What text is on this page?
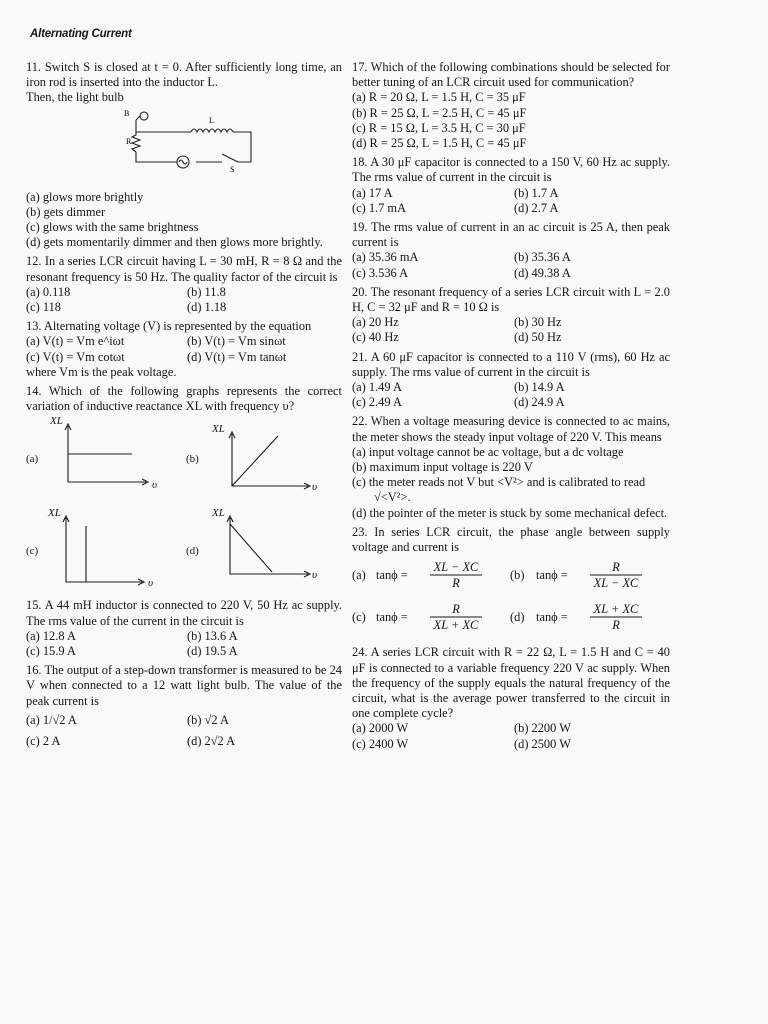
Alternating Current
11. Switch S is closed at t = 0. After sufficiently long time, an iron rod is inserted into the inductor L.
Then, the light bulb
B
L
R
S
(a) glows more brightly
(b) gets dimmer
(c) glows with the same brightness
(d) gets momentarily dimmer and then glows more brightly.
12. In a series LCR circuit having L = 30 mH, R = 8 Ω and the resonant frequency is 50 Hz. The quality factor of the circuit is
(a) 0.118	(b) 11.8
(c) 118	(d) 1.18
13. Alternating voltage (V) is represented by the equation
(a) V(t) = Vm e^iωt	(b) V(t) = Vm sinωt
(c) V(t) = Vm cotωt	(d) V(t) = Vm tanωt
where Vm is the peak voltage.
14. Which of the following graphs represents the correct variation of inductive reactance XL with frequency υ?
(a)	(b)
(c)	(d)
XL
XL
XL	XL
υ	υ
υ
υ
15. A 44 mH inductor is connected to 220 V, 50 Hz ac supply. The rms value of the current in the circuit is
(a) 12.8 A	(b) 13.6 A
(c) 15.9 A	(d) 19.5 A
16. The output of a step-down transformer is measured to be 24 V when connected to a 12 watt light bulb. The value of the peak current is
(a) 1/√2 A	(b) √2 A
(c) 2 A	(d) 2√2 A
17. Which of the following combinations should be selected for better tuning of an LCR circuit used for communication?
(a) R = 20 Ω, L = 1.5 H, C = 35 μF
(b) R = 25 Ω, L = 2.5 H, C = 45 μF
(c) R = 15 Ω, L = 3.5 H, C = 30 μF
(d) R = 25 Ω, L = 1.5 H, C = 45 μF
18. A 30 μF capacitor is connected to a 150 V, 60 Hz ac supply. The rms value of current in the circuit is
(a) 17 A	(b) 1.7 A
(c) 1.7 mA	(d) 2.7 A
19. The rms value of current in an ac circuit is 25 A, then peak current is
(a) 35.36 mA	(b) 35.36 A
(c) 3.536 A	(d) 49.38 A
20. The resonant frequency of a series LCR circuit with L = 2.0 H, C = 32 μF and R = 10 Ω is
(a) 20 Hz	(b) 30 Hz
(c) 40 Hz	(d) 50 Hz
21. A 60 μF capacitor is connected to a 110 V (rms), 60 Hz ac supply. The rms value of current in the circuit is
(a) 1.49 A	(b) 14.9 A
(c) 2.49 A	(d) 24.9 A
22. When a voltage measuring device is connected to ac mains, the meter shows the steady input voltage of 220 V. This means
(a) input voltage cannot be ac voltage, but a dc voltage
(b) maximum input voltage is 220 V
(c) the meter reads not V but <V²> and is calibrated to read √<V²>.
(d) the pointer of the meter is stuck by some mechanical defect.
23. In series LCR circuit, the phase angle between supply voltage and current is
(a) tanϕ =
XL − XC
R
(b) tanϕ =
R
XL − XC
(c) tanϕ =
R
XL + XC
(d) tanϕ =
XL + XC
R
24. A series LCR circuit with R = 22 Ω, L = 1.5 H and C = 40 μF is connected to a variable frequency 220 V ac supply. When the frequency of the supply equals the natural frequency of the circuit, what is the average power transferred to the circuit in one complete cycle?
(a) 2000 W	(b) 2200 W
(c) 2400 W	(d) 2500 W
